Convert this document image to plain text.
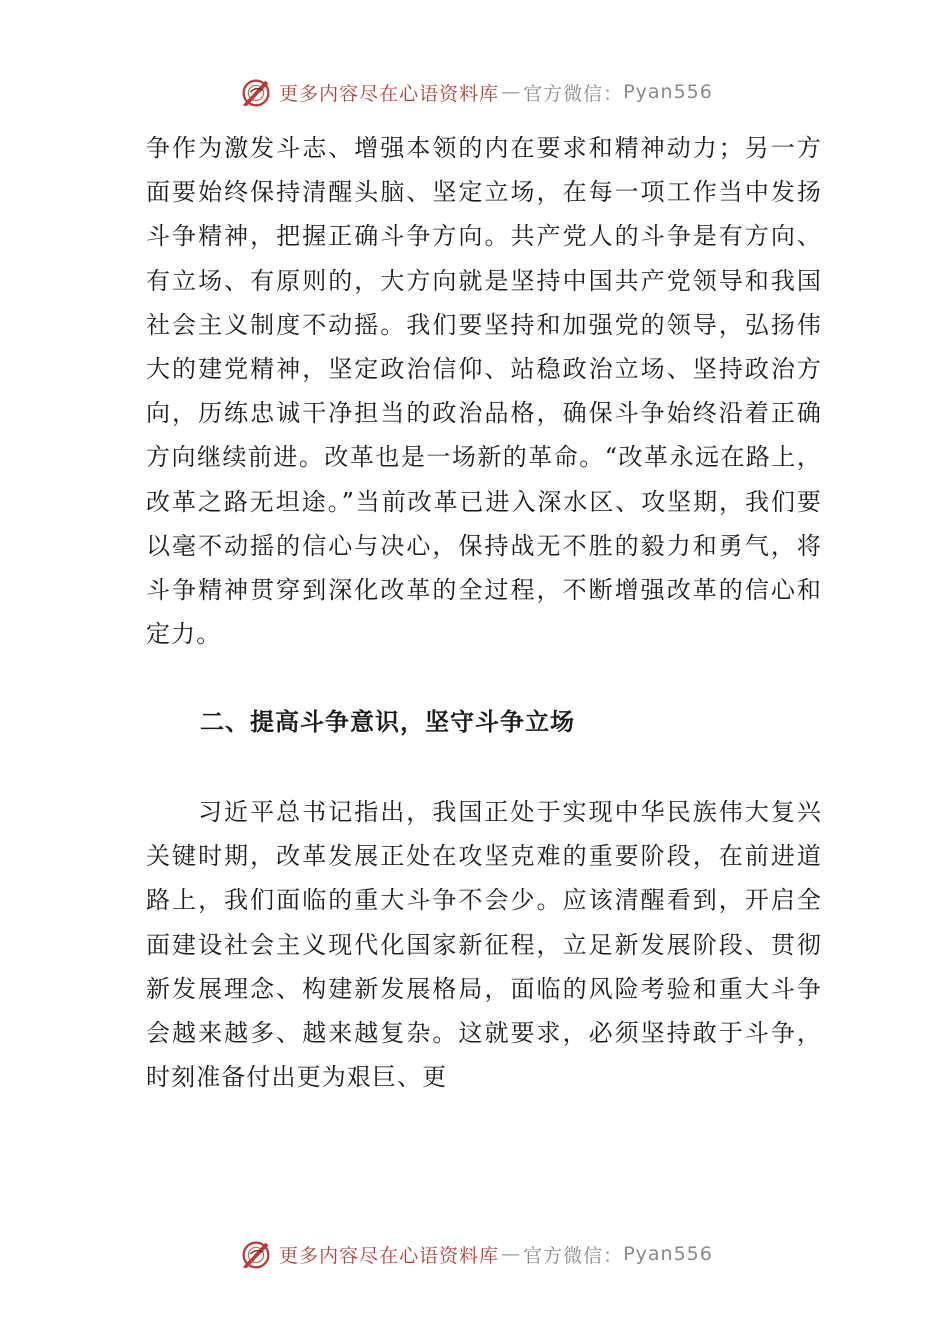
更多内容尽在心语资料库 — 官方微信： Pyan556

争作为激发斗志、增强本领的内在要求和精神动力；另一方面要始终保持清醒头脑、坚定立场，在每一项工作当中发扬斗争精神，把握正确斗争方向。共产党人的斗争是有方向、有立场、有原则的，大方向就是坚持中国共产党领导和我国社会主义制度不动摇。我们要坚持和加强党的领导，弘扬伟大的建党精神，坚定政治信仰、站稳政治立场、坚持政治方向，历练忠诚干净担当的政治品格，确保斗争始终沿着正确方向继续前进。改革也是一场新的革命。“改革永远在路上，改革之路无坦途。”当前改革已进入深水区、攻坚期，我们要以毫不动摇的信心与决心，保持战无不胜的毅力和勇气，将斗争精神贯穿到深化改革的全过程，不断增强改革的信心和定力。

二、提高斗争意识，坚守斗争立场

习近平总书记指出，我国正处于实现中华民族伟大复兴关键时期，改革发展正处在攻坚克难的重要阶段，在前进道路上，我们面临的重大斗争不会少。应该清醒看到，开启全面建设社会主义现代化国家新征程，立足新发展阶段、贯彻新发展理念、构建新发展格局，面临的风险考验和重大斗争会越来越多、越来越复杂。这就要求，必须坚持敢于斗争，时刻准备付出更为艰巨、更

更多内容尽在心语资料库 — 官方微信： Pyan556
